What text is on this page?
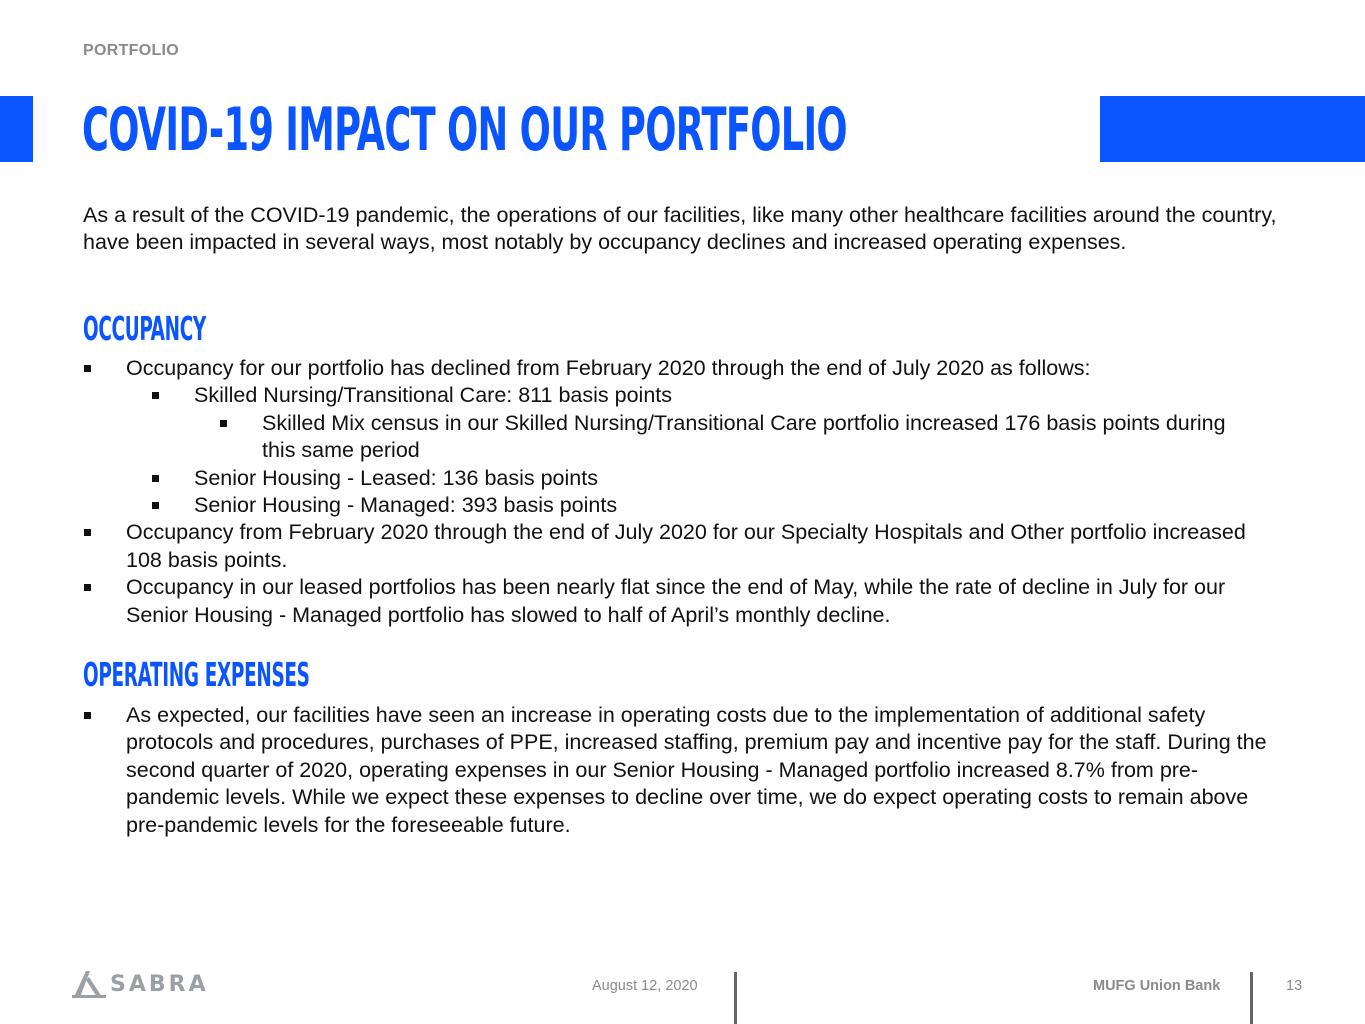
PORTFOLIO
COVID-19 IMPACT ON OUR PORTFOLIO

As a result of the COVID-19 pandemic, the operations of our facilities, like many other healthcare facilities around the country, have been impacted in several ways, most notably by occupancy declines and increased operating expenses.

OCCUPANCY
Occupancy for our portfolio has declined from February 2020 through the end of July 2020 as follows:
Skilled Nursing/Transitional Care: 811 basis points
Skilled Mix census in our Skilled Nursing/Transitional Care portfolio increased 176 basis points during this same period
Senior Housing - Leased: 136 basis points
Senior Housing - Managed: 393 basis points
Occupancy from February 2020 through the end of July 2020 for our Specialty Hospitals and Other portfolio increased 108 basis points.
Occupancy in our leased portfolios has been nearly flat since the end of May, while the rate of decline in July for our Senior Housing - Managed portfolio has slowed to half of April’s monthly decline.
OPERATING EXPENSES
As expected, our facilities have seen an increase in operating costs due to the implementation of additional safety protocols and procedures, purchases of PPE, increased staffing, premium pay and incentive pay for the staff. During the second quarter of 2020, operating expenses in our Senior Housing - Managed portfolio increased 8.7% from pre-pandemic levels. While we expect these expenses to decline over time, we do expect operating costs to remain above pre-pandemic levels for the foreseeable future.
SABRA	August 12, 2020	MUFG Union Bank	13
